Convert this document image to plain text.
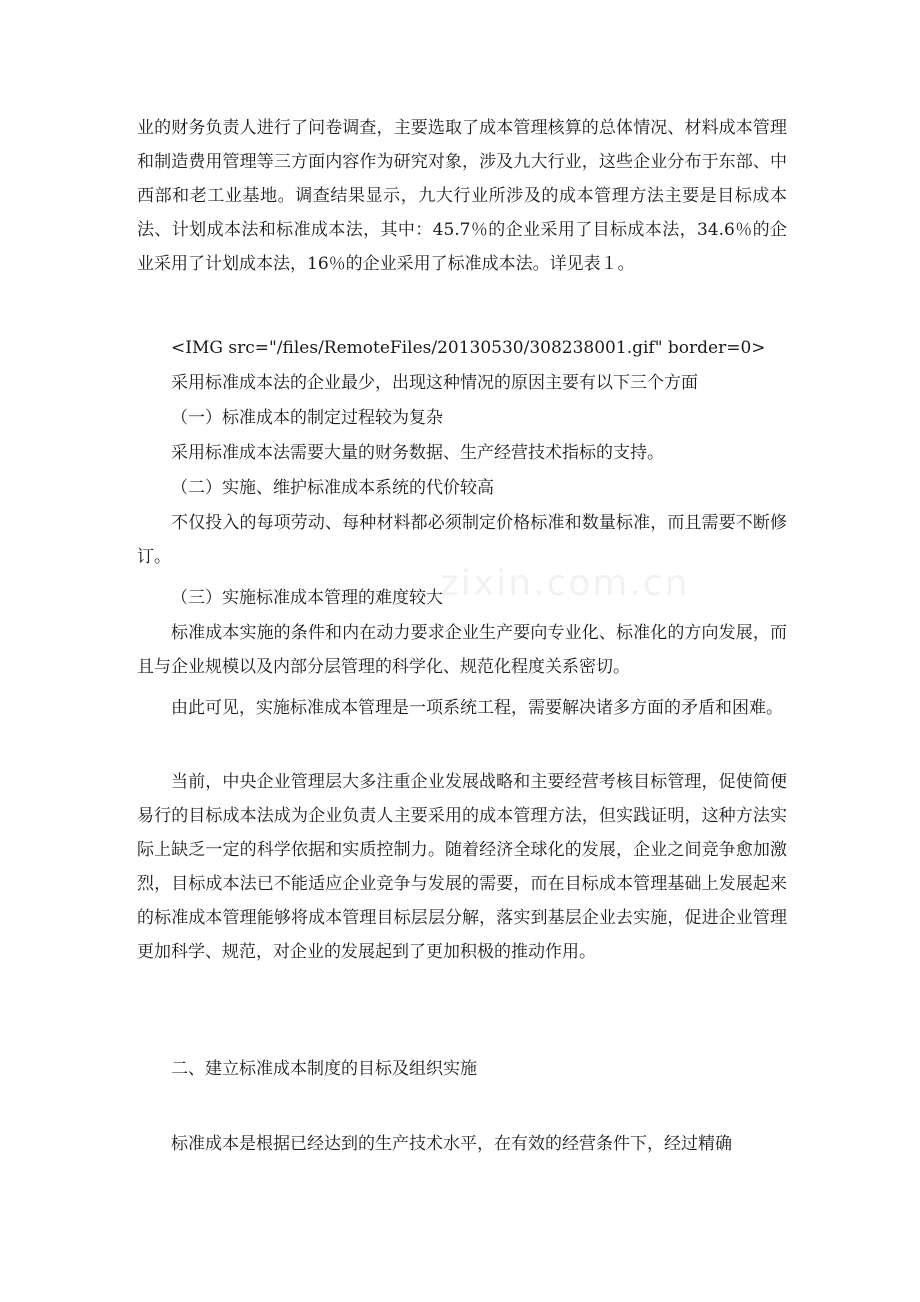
业的财务负责人进行了问卷调查，主要选取了成本管理核算的总体情况、材料成本管理和制造费用管理等三方面内容作为研究对象，涉及九大行业，这些企业分布于东部、中西部和老工业基地。调查结果显示，九大行业所涉及的成本管理方法主要是目标成本法、计划成本法和标准成本法，其中：45.7％的企业采用了目标成本法，34.6％的企业采用了计划成本法，16％的企业采用了标准成本法。详见表１。

<IMG src="/files/RemoteFiles/20130530/308238001.gif" border=0>

采用标准成本法的企业最少，出现这种情况的原因主要有以下三个方面

（一）标准成本的制定过程较为复杂

采用标准成本法需要大量的财务数据、生产经营技术指标的支持。

（二）实施、维护标准成本系统的代价较高

不仅投入的每项劳动、每种材料都必须制定价格标准和数量标准，而且需要不断修订。

（三）实施标准成本管理的难度较大

标准成本实施的条件和内在动力要求企业生产要向专业化、标准化的方向发展，而且与企业规模以及内部分层管理的科学化、规范化程度关系密切。

由此可见，实施标准成本管理是一项系统工程，需要解决诸多方面的矛盾和困难。

当前，中央企业管理层大多注重企业发展战略和主要经营考核目标管理，促使简便易行的目标成本法成为企业负责人主要采用的成本管理方法，但实践证明，这种方法实际上缺乏一定的科学依据和实质控制力。随着经济全球化的发展，企业之间竞争愈加激烈，目标成本法已不能适应企业竞争与发展的需要，而在目标成本管理基础上发展起来的标准成本管理能够将成本管理目标层层分解，落实到基层企业去实施，促进企业管理更加科学、规范，对企业的发展起到了更加积极的推动作用。

二、建立标准成本制度的目标及组织实施

标准成本是根据已经达到的生产技术水平，在有效的经营条件下，经过精确

zixin.com.cn
